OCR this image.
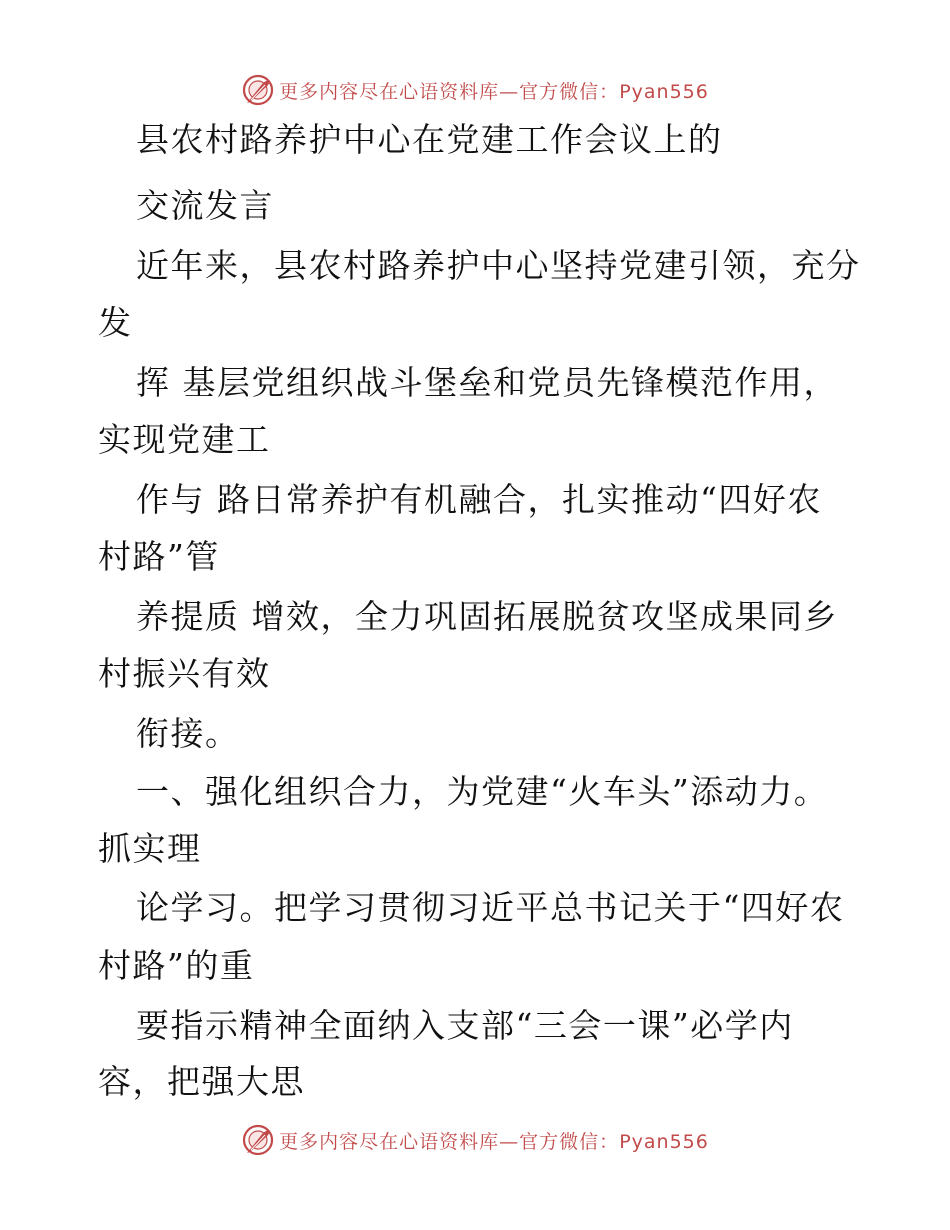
更多内容尽在心语资料库—官方微信：Pyan556
县农村路养护中心在党建工作会议上的
交流发言
近年来，县农村路养护中心坚持党建引领，充分
发
挥 基层党组织战斗堡垒和党员先锋模范作用，
实现党建工
作与 路日常养护有机融合，扎实推动“四好农
村路”管
养提质 增效，全力巩固拓展脱贫攻坚成果同乡
村振兴有效
衔接。
一、强化组织合力，为党建“火车头”添动力。
抓实理
论学习。把学习贯彻习近平总书记关于“四好农
村路”的重
要指示精神全面纳入支部“三会一课”必学内
容，把强大思
更多内容尽在心语资料库—官方微信：Pyan556
